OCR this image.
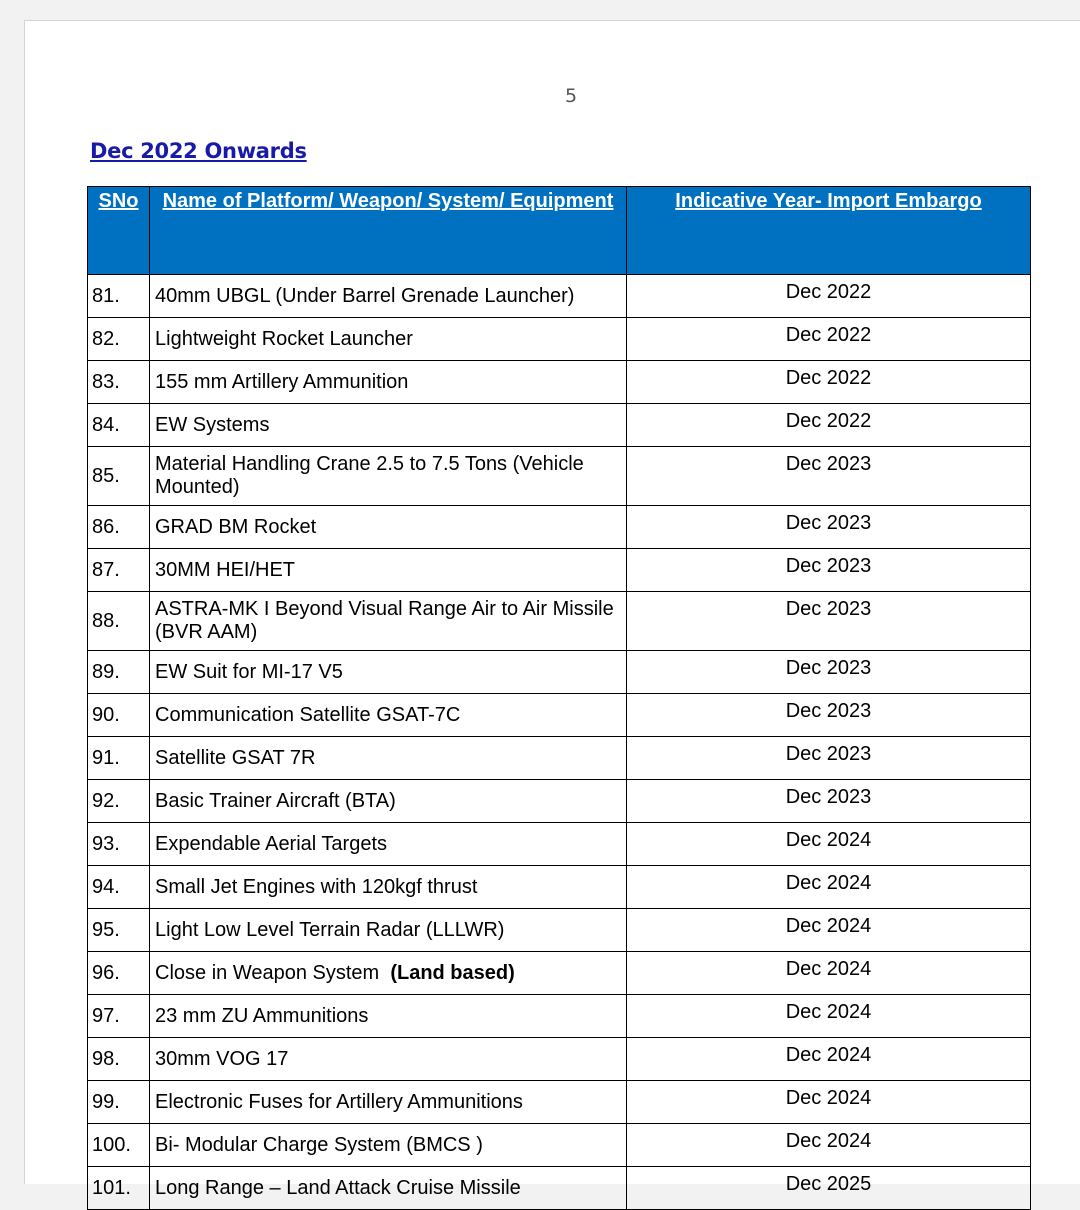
5
Dec 2022 Onwards
SNo	Name of Platform/ Weapon/ System/ Equipment	Indicative Year- Import Embargo
81.	40mm UBGL (Under Barrel Grenade Launcher)	Dec 2022
82.	Lightweight Rocket Launcher	Dec 2022
83.	155 mm Artillery Ammunition	Dec 2022
84.	EW Systems	Dec 2022
85.	Material Handling Crane 2.5 to 7.5 Tons (Vehicle Mounted)	Dec 2023
86.	GRAD BM Rocket	Dec 2023
87.	30MM HEI/HET	Dec 2023
88.	ASTRA-MK I Beyond Visual Range Air to Air Missile (BVR AAM)	Dec 2023
89.	EW Suit for MI-17 V5	Dec 2023
90.	Communication Satellite GSAT-7C	Dec 2023
91.	Satellite GSAT 7R	Dec 2023
92.	Basic Trainer Aircraft (BTA)	Dec 2023
93.	Expendable Aerial Targets	Dec 2024
94.	Small Jet Engines with 120kgf thrust	Dec 2024
95.	Light Low Level Terrain Radar (LLLWR)	Dec 2024
96.	Close in Weapon System (Land based)	Dec 2024
97.	23 mm ZU Ammunitions	Dec 2024
98.	30mm VOG 17	Dec 2024
99.	Electronic Fuses for Artillery Ammunitions	Dec 2024
100.	Bi- Modular Charge System (BMCS )	Dec 2024
101.	Long Range – Land Attack Cruise Missile	Dec 2025
